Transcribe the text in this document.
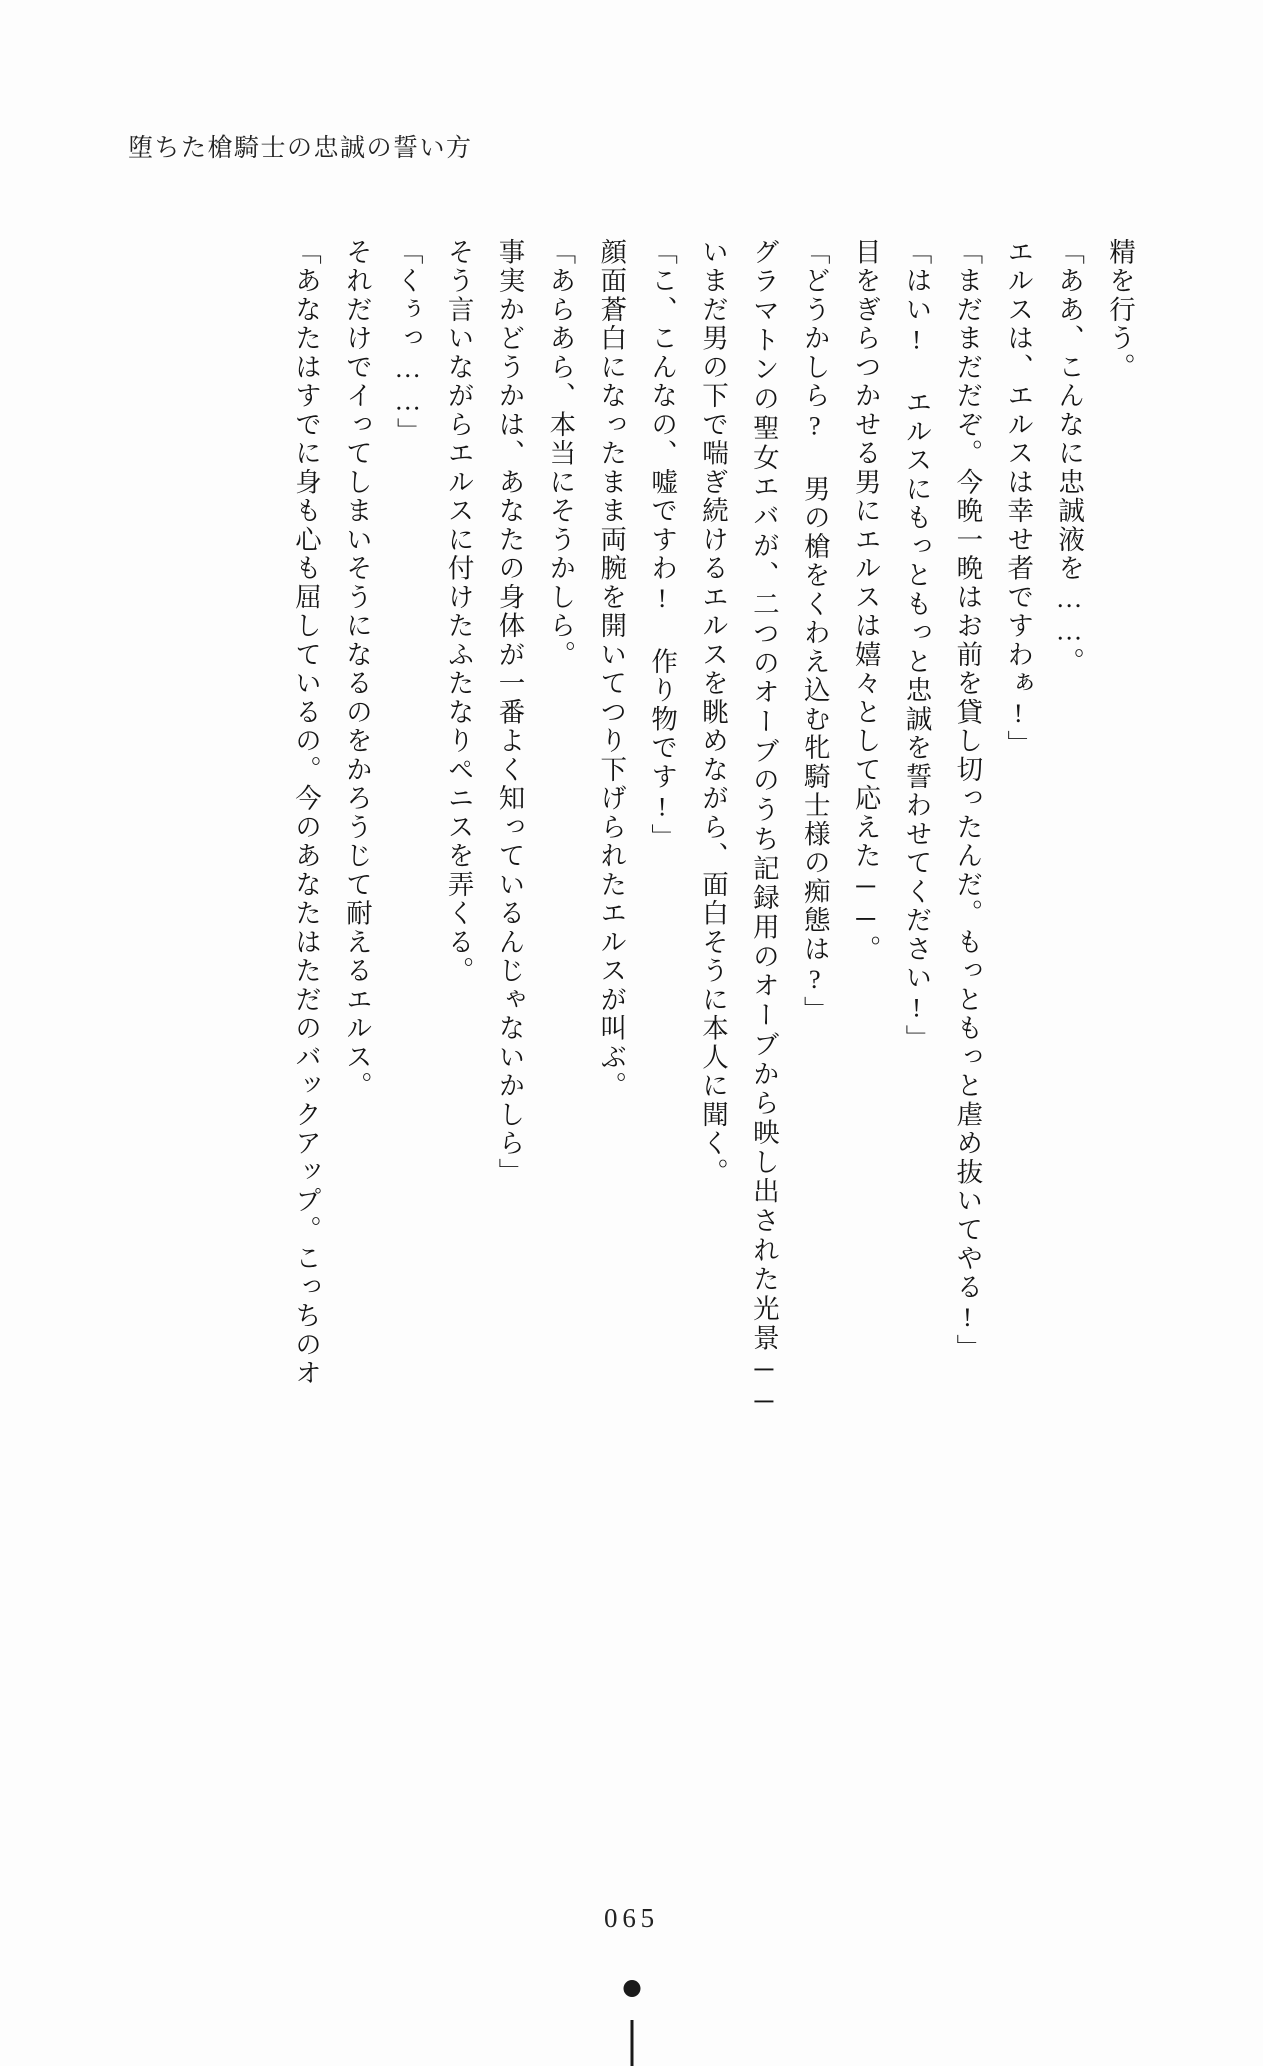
堕ちた槍騎士の忠誠の誓い方

精を行う。

「ああ、こんなに忠誠液を……。

エルスは、エルスは幸せ者ですわぁ!」

「まだまだだぞ。今晩一晩はお前を貸し切ったんだ。もっともっと虐め抜いてやる!」

「はい! エルスにもっともっと忠誠を誓わせてください!」

目をぎらつかせる男にエルスは嬉々として応えた──。

「どうかしら? 男の槍をくわえ込む牝騎士様の痴態は?」

グラマトンの聖女エバが、二つのオーブのうち記録用のオーブから映し出された光景──いまだ男の下で喘ぎ続けるエルスを眺めながら、面白そうに本人に聞く。

「こ、こんなの、嘘ですわ! 作り物です!」

顔面蒼白になったまま両腕を開いてつり下げられたエルスが叫ぶ。

「あらあら、本当にそうかしら。

事実かどうかは、あなたの身体が一番よく知っているんじゃないかしら」

そう言いながらエルスに付けたふたなりペニスを弄くる。

「くぅっ……」

それだけでイってしまいそうになるのをかろうじて耐えるエルス。

「あなたはすでに身も心も屈しているの。今のあなたはただのバックアップ。こっちのオ

065
